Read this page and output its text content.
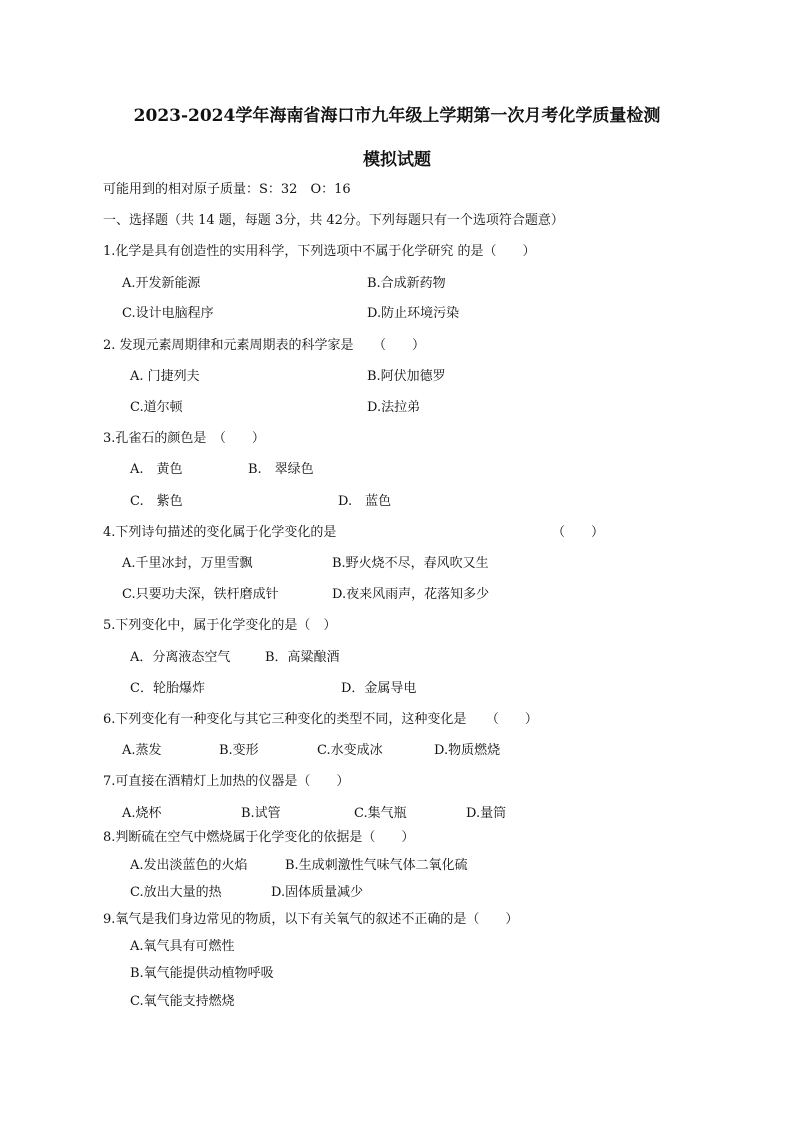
2023-2024学年海南省海口市九年级上学期第一次月考化学质量检测
模拟试题
可能用到的相对原子质量：S：32　O：16
一、选择题（共 14 题，每题 3分，共 42分。下列每题只有一个选项符合题意）
1.化学是具有创造性的实用科学，下列选项中不属于化学研究 的是（　　）
A.开发新能源	B.合成新药物
C.设计电脑程序	D.防止环境污染
2. 发现元素周期律和元素周期表的科学家是　　（　　）
A. 门捷列夫	B.阿伏加德罗
C.道尔顿	D.法拉弟
3.孔雀石的颜色是　（　　）
A.　黄色	B.　翠绿色
C.　紫色	D.　蓝色
4.下列诗句描述的变化属于化学变化的是	（　　）
A.千里冰封，万里雪飘	B.野火烧不尽，春风吹又生
C.只要功夫深，铁杆磨成针	D.夜来风雨声，花落知多少
5.下列变化中，属于化学变化的是（　）
A．分离液态空气	B．高粱酿酒
C．轮胎爆炸	D．金属导电
6.下列变化有一种变化与其它三种变化的类型不同，这种变化是　　（　　）
A.蒸发	B.变形	C.水变成冰	D.物质燃烧
7.可直接在酒精灯上加热的仪器是（　　）
A.烧杯	B.试管	C.集气瓶	D.量筒
8.判断硫在空气中燃烧属于化学变化的依据是（　　）
A.发出淡蓝色的火焰	B.生成刺激性气味气体二氧化硫
C.放出大量的热	D.固体质量减少
9.氧气是我们身边常见的物质，以下有关氧气的叙述不正确的是（　　）
A.氧气具有可燃性
B.氧气能提供动植物呼吸
C.氧气能支持燃烧
